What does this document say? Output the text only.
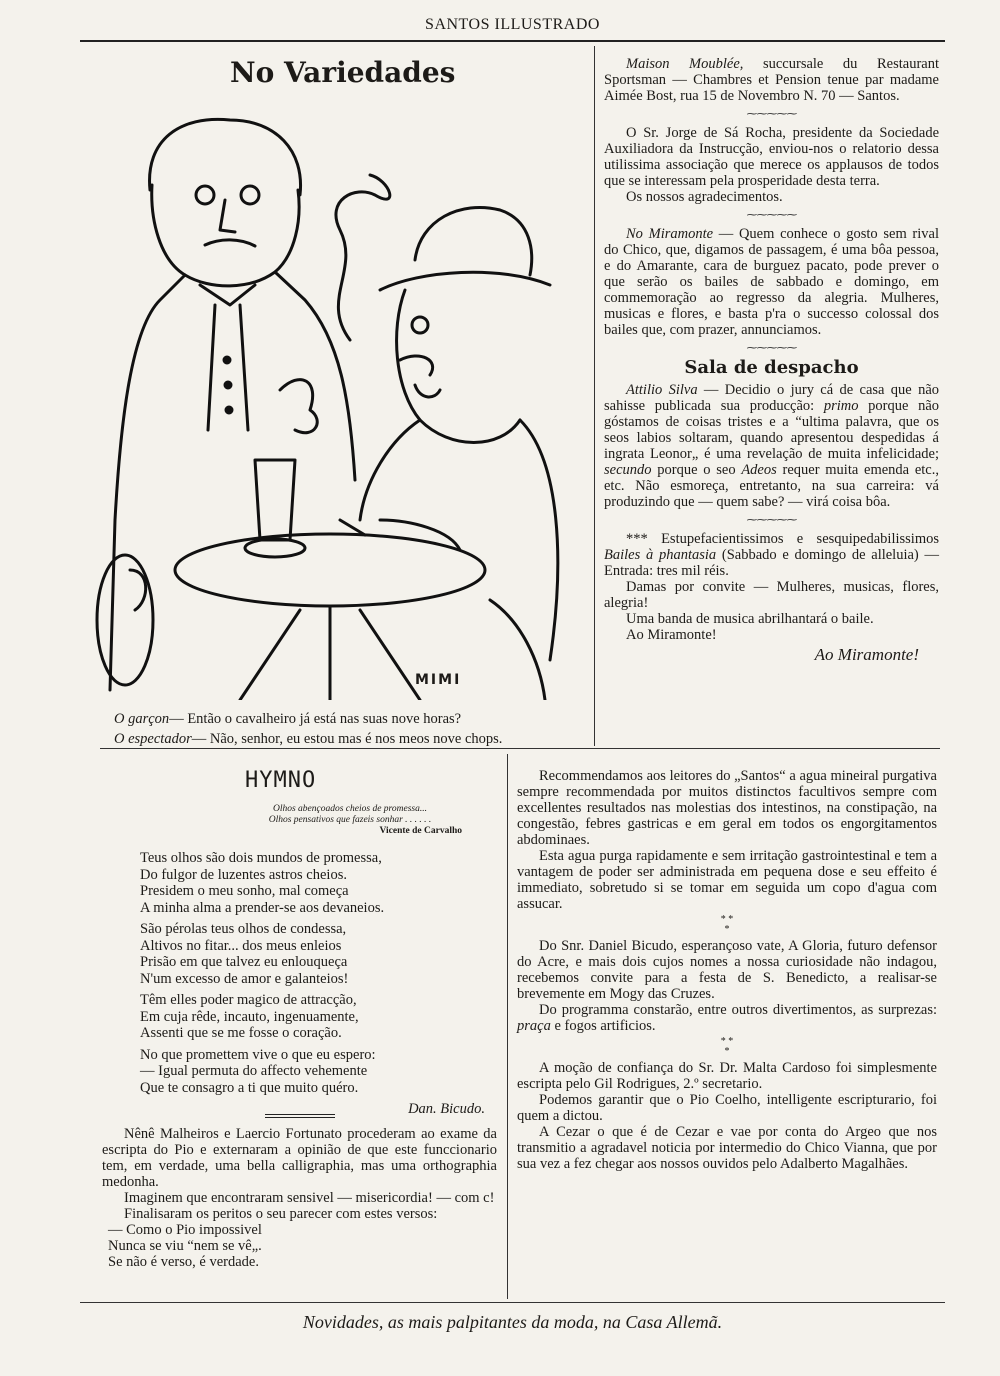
SANTOS ILLUSTRADO
No Variedades
MIMI
O garçon— Então o cavalheiro já está nas suas nove horas?
O espectador— Não, senhor, eu estou mas é nos meos nove chops.

Maison Moublée, succursale du Restaurant Sportsman — Chambres et Pension tenue par madame Aimée Bost, rua 15 de Novembro N. 70 — Santos.

⁓⁓⁓⁓⁓

O Sr. Jorge de Sá Rocha, presidente da Sociedade Auxiliadora da Instrucção, enviou-nos o relatorio dessa utilissima associação que merece os applausos de todos que se interessam pela prosperidade desta terra.

Os nossos agradecimentos.

⁓⁓⁓⁓⁓

No Miramonte — Quem conhece o gosto sem rival do Chico, que, digamos de passagem, é uma bôa pessoa, e do Amarante, cara de burguez pacato, pode prever o que serão os bailes de sabbado e domingo, em commemoração ao regresso da alegria. Mulheres, musicas e flores, e basta p'ra o successo colossal dos bailes que, com prazer, annunciamos.

⁓⁓⁓⁓⁓
Sala de despacho

Attilio Silva — Decidio o jury cá de casa que não sahisse publicada sua producção: primo porque não góstamos de coisas tristes e a “ultima palavra, que os seos labios soltaram, quando apresentou despedidas á ingrata Leonor„ é uma revelação de muita infelicidade; secundo porque o seo Adeos requer muita emenda etc., etc. Não esmoreça, entretanto, na sua carreira: vá produzindo que — quem sabe? — virá coisa bôa.

⁓⁓⁓⁓⁓

*** Estupefacientissimos e sesquipedabilissimos Bailes à phantasia (Sabbado e domingo de alleluia) — Entrada: tres mil réis.

Damas por convite — Mulheres, musicas, flores, alegria!

Uma banda de musica abrilhantará o baile.

Ao Miramonte!

Ao Miramonte!
HYMNO
Olhos abençoados cheios de promessa...
Olhos pensativos que fazeis sonhar . . . . . .
Vicente de Carvalho
Teus olhos são dois mundos de promessa,
Do fulgor de luzentes astros cheios.
Presidem o meu sonho, mal começa
A minha alma a prender-se aos devaneios.
São pérolas teus olhos de condessa,
Altivos no fitar... dos meus enleios
Prisão em que talvez eu enlouqueça
N'um excesso de amor e galanteios!
Têm elles poder magico de attracção,
Em cuja rêde, incauto, ingenuamente,
Assenti que se me fosse o coração.
No que promettem vive o que eu espero:
— Igual permuta do affecto vehemente
Que te consagro a ti que muito quéro.
Dan. Bicudo.

Nênê Malheiros e Laercio Fortunato procederam ao exame da escripta do Pio e externaram a opinião de que este funccionario tem, em verdade, uma bella calligraphia, mas uma orthographia medonha.

Imaginem que encontraram sensivel — misericordia! — com c!

Finalisaram os peritos o seu parecer com estes versos:

— Como o Pio impossivel
Nunca se viu “nem se vê„.
Se não é verso, é verdade.

Recommendamos aos leitores do „Santos“ a agua mineiral purgativa sempre recommendada por muitos distinctos facultivos sempre com excellentes resultados nas molestias dos intestinos, na constipação, na congestão, febres gastricas e em geral em todos os engorgitamentos abdominaes.

Esta agua purga rapidamente e sem irritação gastrointestinal e tem a vantagem de poder ser administrada em pequena dose e seu effeito é immediato, sobretudo si se tomar em seguida um copo d'agua com assucar.

* *
*

Do Snr. Daniel Bicudo, esperançoso vate, A Gloria, futuro defensor do Acre, e mais dois cujos nomes a nossa curiosidade não indagou, recebemos convite para a festa de S. Benedicto, a realisar-se brevemente em Mogy das Cruzes.

Do programma constarão, entre outros divertimentos, as surprezas: praça e fogos artificios.

* *
*

A moção de confiança do Sr. Dr. Malta Cardoso foi simplesmente escripta pelo Gil Rodrigues, 2.º secretario.

Podemos garantir que o Pio Coelho, intelligente escripturario, foi quem a dictou.

A Cezar o que é de Cezar e vae por conta do Argeo que nos transmitio a agradavel noticia por intermedio do Chico Vianna, que por sua vez a fez chegar aos nossos ouvidos pelo Adalberto Magalhães.

Novidades, as mais palpitantes da moda, na Casa Allemã.
